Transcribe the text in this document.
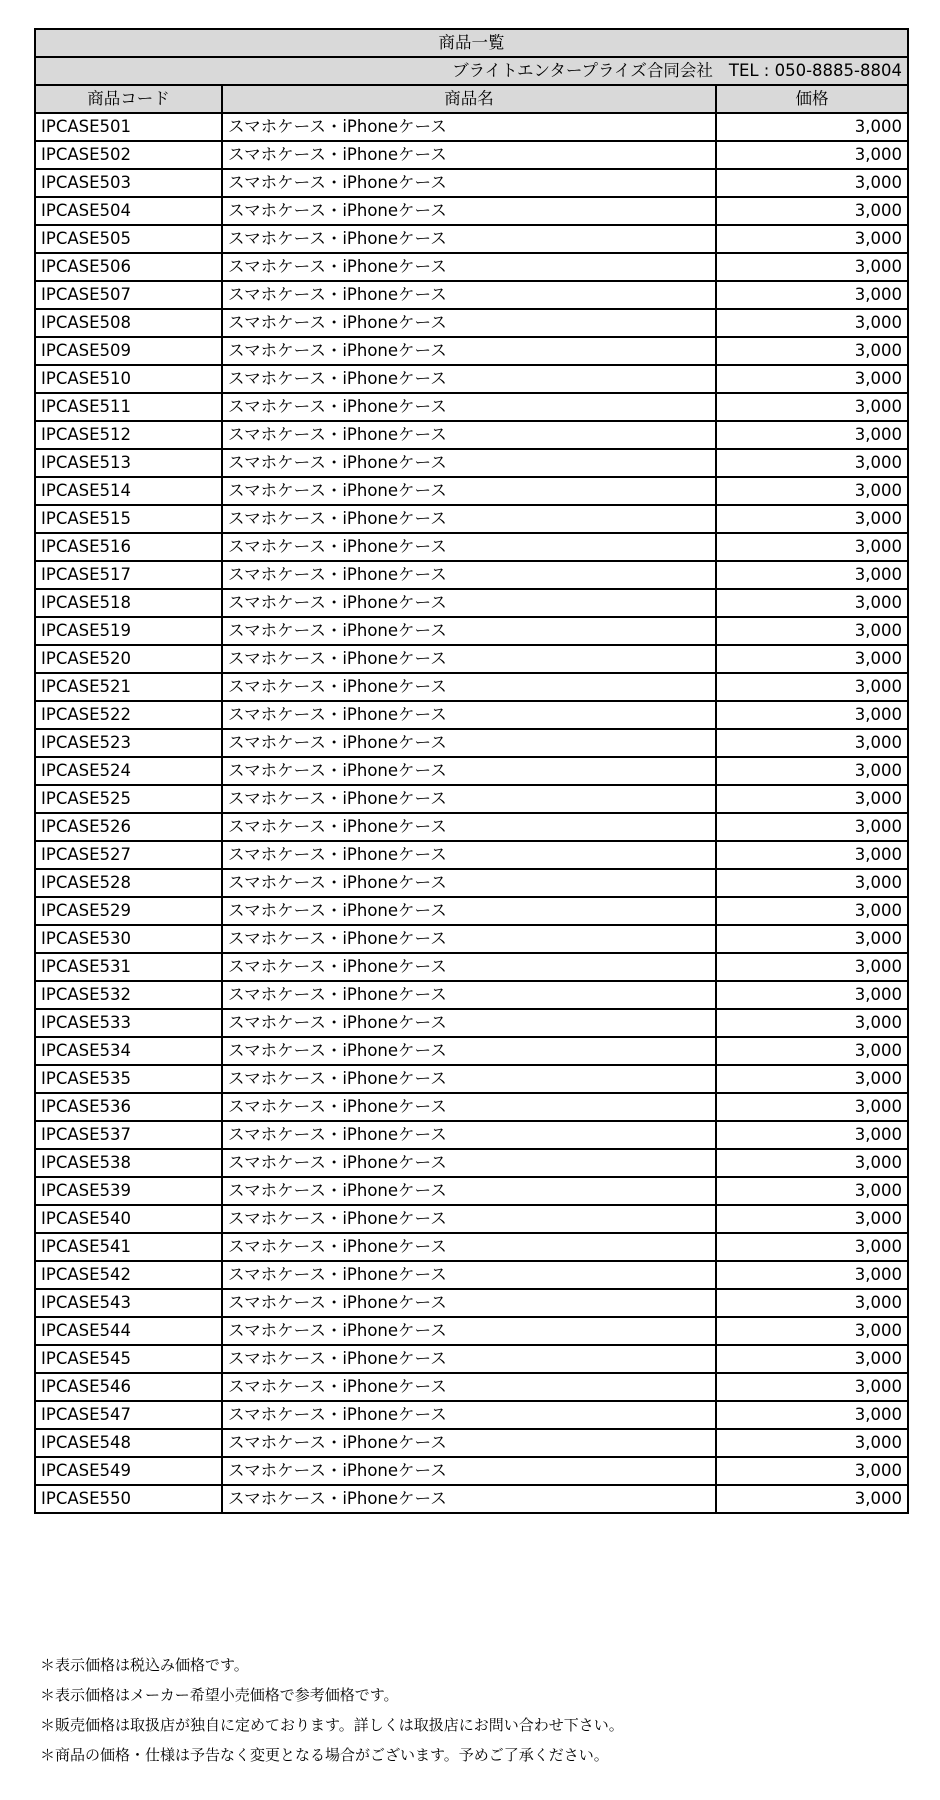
商品一覧		
ブライトエンタープライズ合同会社 TEL : 050-8885-8804		
商品コード	商品名	価格
IPCASE501	スマホケース・iPhoneケース	3,000
IPCASE502	スマホケース・iPhoneケース	3,000
IPCASE503	スマホケース・iPhoneケース	3,000
IPCASE504	スマホケース・iPhoneケース	3,000
IPCASE505	スマホケース・iPhoneケース	3,000
IPCASE506	スマホケース・iPhoneケース	3,000
IPCASE507	スマホケース・iPhoneケース	3,000
IPCASE508	スマホケース・iPhoneケース	3,000
IPCASE509	スマホケース・iPhoneケース	3,000
IPCASE510	スマホケース・iPhoneケース	3,000
IPCASE511	スマホケース・iPhoneケース	3,000
IPCASE512	スマホケース・iPhoneケース	3,000
IPCASE513	スマホケース・iPhoneケース	3,000
IPCASE514	スマホケース・iPhoneケース	3,000
IPCASE515	スマホケース・iPhoneケース	3,000
IPCASE516	スマホケース・iPhoneケース	3,000
IPCASE517	スマホケース・iPhoneケース	3,000
IPCASE518	スマホケース・iPhoneケース	3,000
IPCASE519	スマホケース・iPhoneケース	3,000
IPCASE520	スマホケース・iPhoneケース	3,000
IPCASE521	スマホケース・iPhoneケース	3,000
IPCASE522	スマホケース・iPhoneケース	3,000
IPCASE523	スマホケース・iPhoneケース	3,000
IPCASE524	スマホケース・iPhoneケース	3,000
IPCASE525	スマホケース・iPhoneケース	3,000
IPCASE526	スマホケース・iPhoneケース	3,000
IPCASE527	スマホケース・iPhoneケース	3,000
IPCASE528	スマホケース・iPhoneケース	3,000
IPCASE529	スマホケース・iPhoneケース	3,000
IPCASE530	スマホケース・iPhoneケース	3,000
IPCASE531	スマホケース・iPhoneケース	3,000
IPCASE532	スマホケース・iPhoneケース	3,000
IPCASE533	スマホケース・iPhoneケース	3,000
IPCASE534	スマホケース・iPhoneケース	3,000
IPCASE535	スマホケース・iPhoneケース	3,000
IPCASE536	スマホケース・iPhoneケース	3,000
IPCASE537	スマホケース・iPhoneケース	3,000
IPCASE538	スマホケース・iPhoneケース	3,000
IPCASE539	スマホケース・iPhoneケース	3,000
IPCASE540	スマホケース・iPhoneケース	3,000
IPCASE541	スマホケース・iPhoneケース	3,000
IPCASE542	スマホケース・iPhoneケース	3,000
IPCASE543	スマホケース・iPhoneケース	3,000
IPCASE544	スマホケース・iPhoneケース	3,000
IPCASE545	スマホケース・iPhoneケース	3,000
IPCASE546	スマホケース・iPhoneケース	3,000
IPCASE547	スマホケース・iPhoneケース	3,000
IPCASE548	スマホケース・iPhoneケース	3,000
IPCASE549	スマホケース・iPhoneケース	3,000
IPCASE550	スマホケース・iPhoneケース	3,000
＊表示価格は税込み価格です。
＊表示価格はメーカー希望小売価格で参考価格です。
＊販売価格は取扱店が独自に定めております。詳しくは取扱店にお問い合わせ下さい。
＊商品の価格・仕様は予告なく変更となる場合がございます。予めご了承ください。
